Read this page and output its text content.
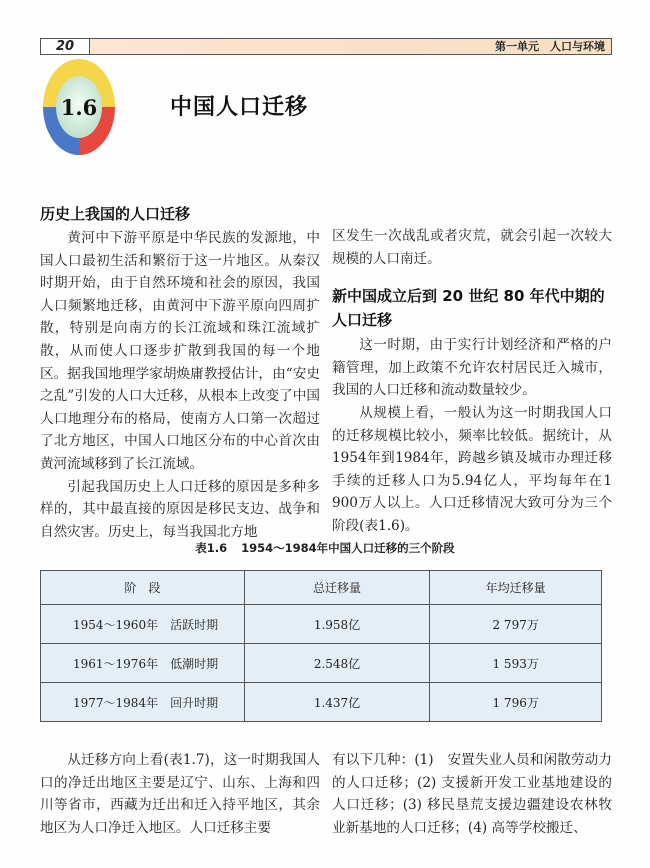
20	第一单元　人口与环境
1.6	中国人口迁移
历史上我国的人口迁移

黄河中下游平原是中华民族的发源地，中国人口最初生活和繁衍于这一片地区。从秦汉时期开始，由于自然环境和社会的原因，我国人口频繁地迁移，由黄河中下游平原向四周扩散，特别是向南方的长江流域和珠江流域扩散，从而使人口逐步扩散到我国的每一个地区。据我国地理学家胡焕庸教授估计，由“安史之乱”引发的人口大迁移，从根本上改变了中国人口地理分布的格局，使南方人口第一次超过了北方地区，中国人口地区分布的中心首次由黄河流域移到了长江流域。

引起我国历史上人口迁移的原因是多种多样的，其中最直接的原因是移民支边、战争和自然灾害。历史上，每当我国北方地

区发生一次战乱或者灾荒，就会引起一次较大规模的人口南迁。

新中国成立后到 20 世纪 80 年代中期的人口迁移

这一时期，由于实行计划经济和严格的户籍管理，加上政策不允许农村居民迁入城市，我国的人口迁移和流动数量较少。

从规模上看，一般认为这一时期我国人口的迁移规模比较小，频率比较低。据统计，从1954年到1984年，跨越乡镇及城市办理迁移手续的迁移人口为5.94亿人，平均每年在1 900万人以上。人口迁移情况大致可分为三个阶段(表1.6)。

表1.6 1954～1984年中国人口迁移的三个阶段
阶　段	总迁移量	年均迁移量
1954～1960年　活跃时期	1.958亿	2 797万
1961～1976年　低潮时期	2.548亿	1 593万
1977～1984年　回升时期	1.437亿	1 796万

从迁移方向上看(表1.7)，这一时期我国人口的净迁出地区主要是辽宁、山东、上海和四川等省市，西藏为迁出和迁入持平地区，其余地区为人口净迁入地区。人口迁移主要

有以下几种：(1)　安置失业人员和闲散劳动力的人口迁移；(2) 支援新开发工业基地建设的人口迁移；(3) 移民垦荒支援边疆建设农林牧业新基地的人口迁移；(4) 高等学校搬迁、
